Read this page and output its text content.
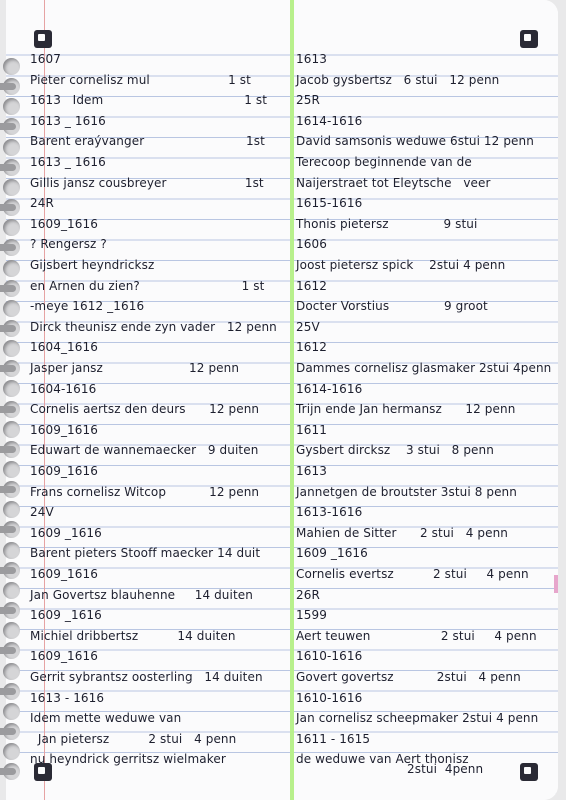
1607
Pieter cornelisz mul                    1 st
1613   Idem                                    1 st
1613 _ 1616
Barent eraývanger                          1st
1613 _ 1616
Gillis jansz cousbreyer                    1st
24R
1609_1616
? Rengersz ?
Gijsbert heyndricksz
en Arnen du zien?                          1 st
-meye 1612 _1616
Dirck theunisz ende zyn vader   12 penn
1604_1616
Jasper jansz                      12 penn
1604-1616
Cornelis aertsz den deurs      12 penn
1609_1616
Eduwart de wannemaecker   9 duiten
1609_1616
Frans cornelisz Witcop           12 penn
24V
1609 _1616
Barent pieters Stooff maecker 14 duit
1609_1616
Jan Govertsz blauhenne     14 duiten
1609 _1616
Michiel dribbertsz          14 duiten
1609_1616
Gerrit sybrantsz oosterling   14 duiten
1613 - 1616
Idem mette weduwe van
Jan pietersz          2 stui   4 penn
nu heyndrick gerritsz wielmaker
1613
Jacob gysbertsz   6 stui   12 penn
25R
1614-1616
David samsonis weduwe 6stui 12 penn
Terecoop beginnende van de
Naijerstraet tot Eleytsche   veer
1615-1616
Thonis pietersz              9 stui
1606
Joost pietersz spick    2stui 4 penn
1612
Docter Vorstius              9 groot
25V
1612
Dammes cornelisz glasmaker 2stui 4penn
1614-1616
Trijn ende Jan hermansz      12 penn
1611
Gysbert dircksz    3 stui   8 penn
1613
Jannetgen de broutster 3stui 8 penn
1613-1616
Mahien de Sitter      2 stui   4 penn
1609 _1616
Cornelis evertsz          2 stui     4 penn
26R
1599
Aert teuwen                  2 stui     4 penn
1610-1616
Govert govertsz           2stui   4 penn
1610-1616
Jan cornelisz scheepmaker 2stui 4 penn
1611 - 1615
de weduwe van Aert thonisz
2stui  4penn
